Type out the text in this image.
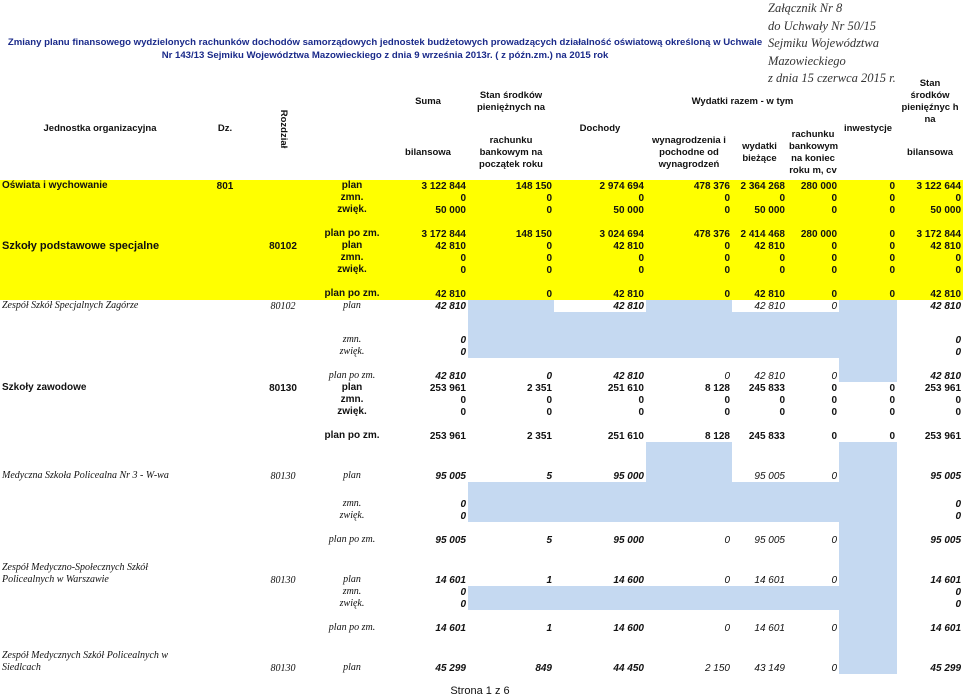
Zmiany planu finansowego wydzielonych rachunków dochodów samorządowych jednostek budżetowych prowadzących działalność oświatową określoną w Uchwale
Nr 143/13 Sejmiku Województwa Mazowieckiego z dnia 9 września 2013r. ( z późn.zm.) na 2015 rok
Załącznik Nr 8
do Uchwały Nr 50/15
Sejmiku Województwa
Mazowieckiego
z dnia 15 czerwca 2015 r.
Jednostka organizacyjna	Dz.	Rozdział		Suma	Stan środków pieniężnych na	Dochody	Wydatki razem - w tym			inwestycje	Stan środków pienięźnyc h na	
				bilansowa	rachunku bankowym na początek roku		wynagrodzenia i pochodne od wynagrodzeń	wydatki bieżące	rachunku bankowym na koniec roku m, cv		bilansowa	
Oświata i wychowanie	801		plan	3 122 844	148 150	2 974 694	478 376	2 364 268	280 000	0	3 122 644	
			zmn.	0	0	0	0	0	0	0	0	
			zwięk.	50 000	0	50 000	0	50 000	0	0	50 000	
			plan po zm.	3 172 844	148 150	3 024 694	478 376	2 414 468	280 000	0	3 172 844	
Szkoły podstawowe specjalne		80102	plan	42 810	0	42 810	0	42 810	0	0	42 810	
			zmn.	0	0	0	0	0	0	0	0	
			zwięk.	0	0	0	0	0	0	0	0	
			plan po zm.	42 810	0	42 810	0	42 810	0	0	42 810	
Zespół Szkół Specjalnych Zagórze		80102	plan	42 810		42 810		42 810	0		42 810	
			zmn.	0							0	
			zwięk.	0							0	
			plan po zm.	42 810	0	42 810	0	42 810	0		42 810	
Szkoły zawodowe		80130	plan	253 961	2 351	251 610	8 128	245 833	0	0	253 961	
			zmn.	0	0	0	0	0	0	0	0	
			zwięk.	0	0	0	0	0	0	0	0	
			plan po zm.	253 961	2 351	251 610	8 128	245 833	0	0	253 961	
Medyczna Szkoła Policealna Nr 3 - W-wa		80130	plan	95 005	5	95 000		95 005	0		95 005	
			zmn.	0							0	
			zwięk.	0							0	
			plan po zm.	95 005	5	95 000	0	95 005	0		95 005	
Zespół Medyczno-Społecznych Szkół Policealnych w Warszawie		80130	plan	14 601	1	14 600	0	14 601	0		14 601	
			zmn.	0							0	
			zwięk.	0							0	
			plan po zm.	14 601	1	14 600	0	14 601	0		14 601	
Zespół Medycznych Szkół Policealnych w Siedlcach		80130	plan	45 299	849	44 450	2 150	43 149	0		45 299	
Strona 1 z 6
